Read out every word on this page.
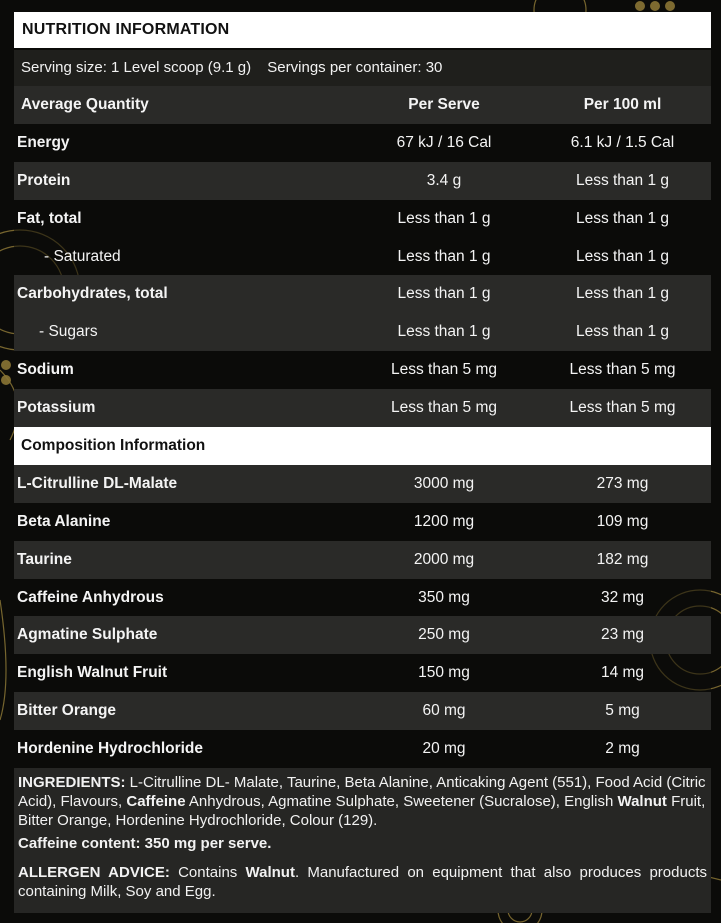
NUTRITION INFORMATION
Serving size: 1 Level scoop (9.1 g) Servings per container: 30
Average Quantity	Per Serve	Per 100 ml
Energy	67 kJ / 16 Cal	6.1 kJ / 1.5 Cal
Protein	3.4 g	Less than 1 g
Fat, total	Less than 1 g	Less than 1 g
- Saturated	Less than 1 g	Less than 1 g
Carbohydrates, total	Less than 1 g	Less than 1 g
- Sugars	Less than 1 g	Less than 1 g
Sodium	Less than 5 mg	Less than 5 mg
Potassium	Less than 5 mg	Less than 5 mg
Composition Information
L-Citrulline DL-Malate	3000 mg	273 mg
Beta Alanine	1200 mg	109 mg
Taurine	2000 mg	182 mg
Caffeine Anhydrous	350 mg	32 mg
Agmatine Sulphate	250 mg	23 mg
English Walnut Fruit	150 mg	14 mg
Bitter Orange	60 mg	5 mg
Hordenine Hydrochloride	20 mg	2 mg

INGREDIENTS: L-Citrulline DL- Malate, Taurine, Beta Alanine, Anticaking Agent (551), Food Acid (Citric Acid), Flavours, Caffeine Anhydrous, Agmatine Sulphate, Sweetener (Sucralose), English Walnut Fruit, Bitter Orange, Hordenine Hydrochloride, Colour (129).

Caffeine content: 350 mg per serve.

ALLERGEN ADVICE: Contains Walnut. Manufactured on equipment that also produces products containing Milk, Soy and Egg.
